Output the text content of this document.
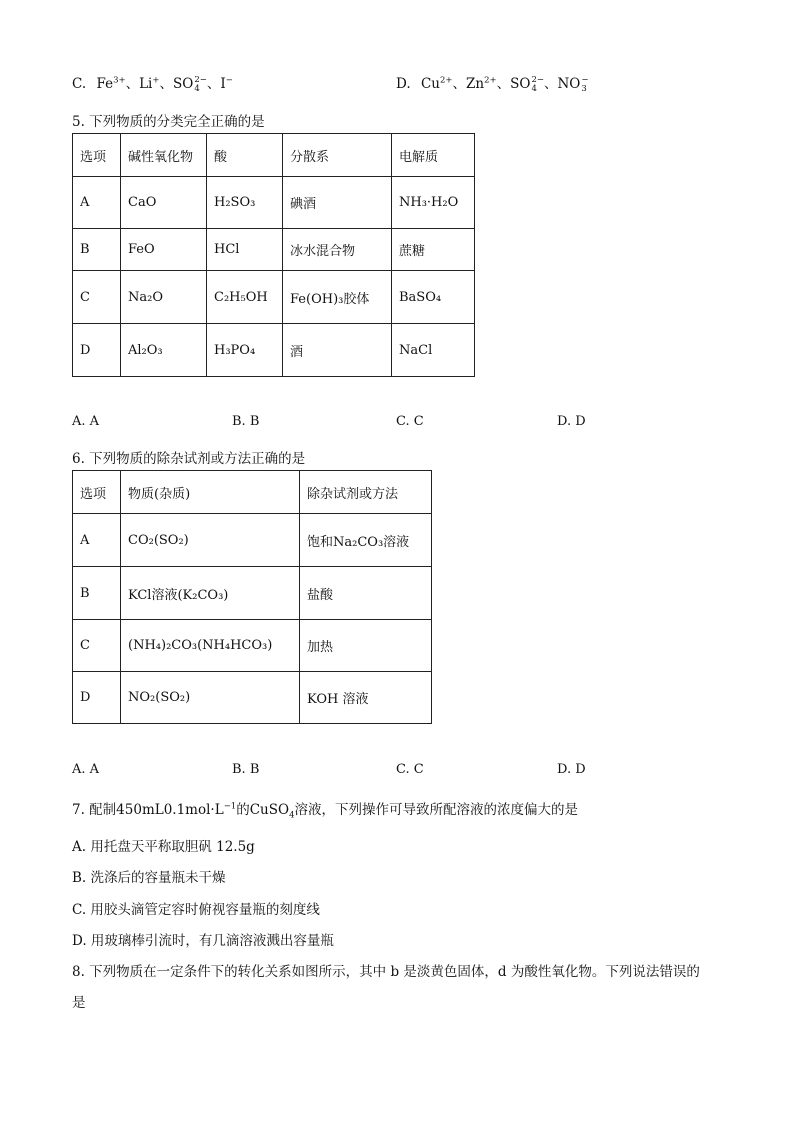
C. $Fe^{3+}$、Li+、SO 2−
4 、I−	D. $Cu^{2+}$、$Zn^{2+}$、SO 2−
4 、NO −
3
5. 下列物质的分类完全正确的是
选项	碱性氧化物	酸	分散系	电解质
A	CaO	H₂SO₃	碘酒	NH₃·H₂O
B	FeO	HCl	冰水混合物	蔗糖
C	Na₂O	C₂H₅OH	Fe(OH)₃胶体	BaSO₄
D	Al₂O₃	H₃PO₄	酒	NaCl
A. A	B. B	C. C	D. D
6. 下列物质的除杂试剂或方法正确的是
选项	物质(杂质)	除杂试剂或方法
A	CO₂(SO₂)	饱和Na₂CO₃溶液
B	KCl溶液(K₂CO₃)	盐酸
C	(NH₄)₂CO₃(NH₄HCO₃)	加热
D	NO₂(SO₂)	KOH 溶液
A. A	B. B	C. C	D. D
7. 配制$450mL0.1mol\cdot L^{-1}$的CuSO$_4$溶液，下列操作可导致所配溶液的浓度偏大的是
A. 用托盘天平称取胆矾 12.5g
B. 洗涤后的容量瓶未干燥
C. 用胶头滴管定容时俯视容量瓶的刻度线
D. 用玻璃棒引流时，有几滴溶液溅出容量瓶
8. 下列物质在一定条件下的转化关系如图所示，其中 b 是淡黄色固体，d 为酸性氧化物。下列说法错误的
是
